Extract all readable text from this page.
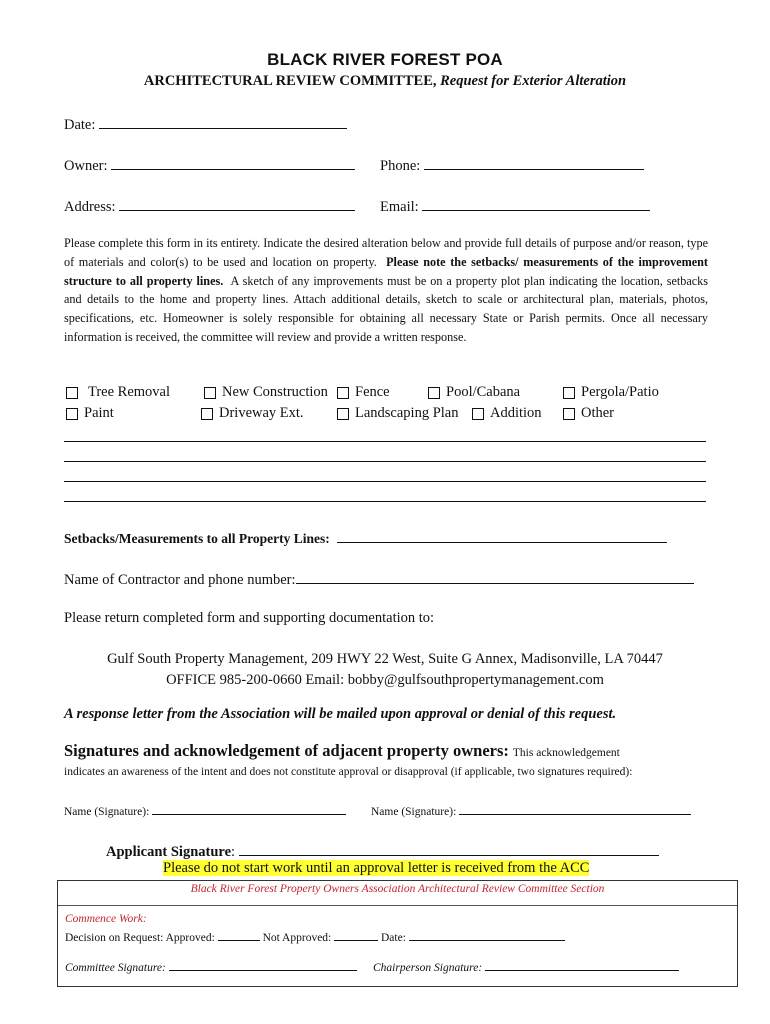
BLACK RIVER FOREST POA
ARCHITECTURAL REVIEW COMMITTEE, Request for Exterior Alteration
Date:
Owner:	Phone:
Address:	Email:
Please complete this form in its entirety. Indicate the desired alteration below and provide full details of purpose and/or reason, type of materials and color(s) to be used and location on property. Please note the setbacks/ measurements of the improvement structure to all property lines. A sketch of any improvements must be on a property plot plan indicating the location, setbacks and details to the home and property lines. Attach additional details, sketch to scale or architectural plan, materials, photos, specifications, etc. Homeowner is solely responsible for obtaining all necessary State or Parish permits. Once all necessary information is received, the committee will review and provide a written response.
Tree Removal	New Construction Fence	Pool/Cabana	Pergola/Patio
Paint	Driveway Ext.	Landscaping Plan Addition	Other
Setbacks/Measurements to all Property Lines:
Name of Contractor and phone number:
Please return completed form and supporting documentation to:
Gulf South Property Management, 209 HWY 22 West, Suite G Annex, Madisonville, LA 70447
OFFICE 985-200-0660 Email: bobby@gulfsouthpropertymanagement.com
A response letter from the Association will be mailed upon approval or denial of this request.
Signatures and acknowledgement of adjacent property owners: This acknowledgement
indicates an awareness of the intent and does not constitute approval or disapproval (if applicable, two signatures required):
Name (Signature):	Name (Signature):
Applicant Signature:
Please do not start work until an approval letter is received from the ACC
Black River Forest Property Owners Association Architectural Review Committee Section
Commence Work:
Decision on Request: Approved:	Not Approved:	Date:
Committee Signature:	Chairperson Signature:
